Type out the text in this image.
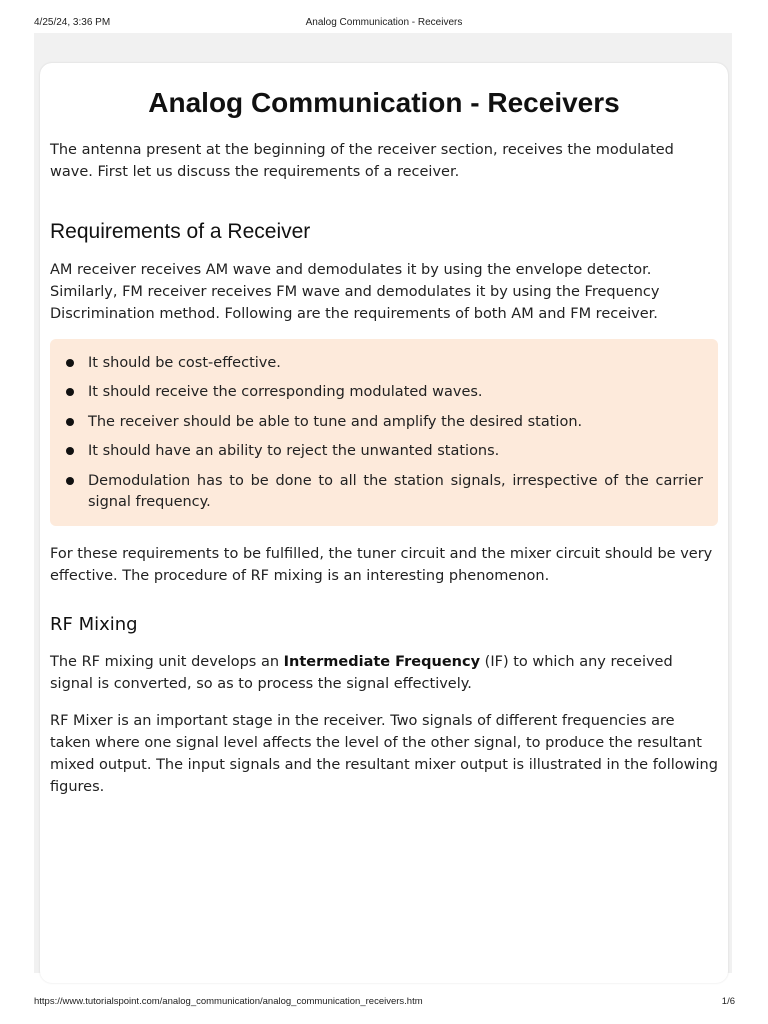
4/25/24, 3:36 PM	Analog Communication - Receivers
Analog Communication - Receivers

The antenna present at the beginning of the receiver section, receives the modulated wave. First let us discuss the requirements of a receiver.

Requirements of a Receiver

AM receiver receives AM wave and demodulates it by using the envelope detector. Similarly, FM receiver receives FM wave and demodulates it by using the Frequency Discrimination method. Following are the requirements of both AM and FM receiver.

It should be cost-effective.
It should receive the corresponding modulated waves.
The receiver should be able to tune and amplify the desired station.
It should have an ability to reject the unwanted stations.
Demodulation has to be done to all the station signals, irrespective of the carrier signal frequency.

For these requirements to be fulfilled, the tuner circuit and the mixer circuit should be very effective. The procedure of RF mixing is an interesting phenomenon.

RF Mixing

The RF mixing unit develops an Intermediate Frequency (IF) to which any received signal is converted, so as to process the signal effectively.

RF Mixer is an important stage in the receiver. Two signals of different frequencies are taken where one signal level affects the level of the other signal, to produce the resultant mixed output. The input signals and the resultant mixer output is illustrated in the following figures.

https://www.tutorialspoint.com/analog_communication/analog_communication_receivers.htm	1/6
